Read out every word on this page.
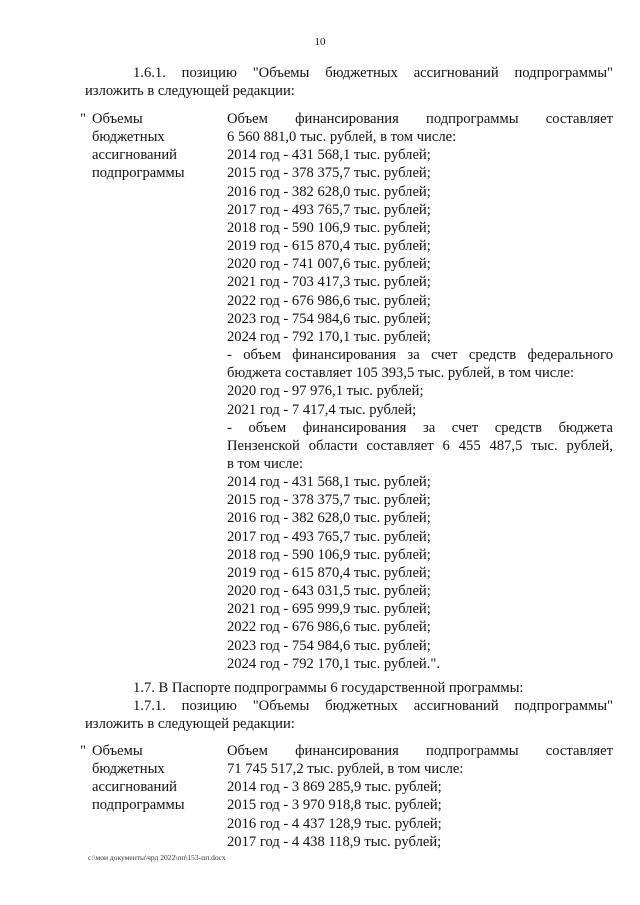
10
1.6.1. позицию "Объемы бюджетных ассигнований подпрограммы"
изложить в следующей редакции:
" Объемы
бюджетных
ассигнований
подпрограммы
Объем финансирования подпрограммы составляет
6 560 881,0 тыс. рублей, в том числе:
2014 год - 431 568,1 тыс. рублей;
2015 год - 378 375,7 тыс. рублей;
2016 год - 382 628,0 тыс. рублей;
2017 год - 493 765,7 тыс. рублей;
2018 год - 590 106,9 тыс. рублей;
2019 год - 615 870,4 тыс. рублей;
2020 год - 741 007,6 тыс. рублей;
2021 год - 703 417,3 тыс. рублей;
2022 год - 676 986,6 тыс. рублей;
2023 год - 754 984,6 тыс. рублей;
2024 год - 792 170,1 тыс. рублей;
- объем финансирования за счет средств федерального
бюджета составляет 105 393,5 тыс. рублей, в том числе:
2020 год - 97 976,1 тыс. рублей;
2021 год - 7 417,4 тыс. рублей;
- объем финансирования за счет средств бюджета
Пензенской области составляет 6 455 487,5 тыс. рублей,
в том числе:
2014 год - 431 568,1 тыс. рублей;
2015 год - 378 375,7 тыс. рублей;
2016 год - 382 628,0 тыс. рублей;
2017 год - 493 765,7 тыс. рублей;
2018 год - 590 106,9 тыс. рублей;
2019 год - 615 870,4 тыс. рублей;
2020 год - 643 031,5 тыс. рублей;
2021 год - 695 999,9 тыс. рублей;
2022 год - 676 986,6 тыс. рублей;
2023 год - 754 984,6 тыс. рублей;
2024 год - 792 170,1 тыс. рублей.".
1.7. В Паспорте подпрограммы 6 государственной программы:
1.7.1. позицию "Объемы бюджетных ассигнований подпрограммы"
изложить в следующей редакции:
" Объемы
бюджетных
ассигнований
подпрограммы
Объем финансирования подпрограммы составляет
71 745 517,2 тыс. рублей, в том числе:
2014 год - 3 869 285,9 тыс. рублей;
2015 год - 3 970 918,8 тыс. рублей;
2016 год - 4 437 128,9 тыс. рублей;
2017 год - 4 438 118,9 тыс. рублей;
c:\мои документы\чрд 2022\пп\153-пп.docx
